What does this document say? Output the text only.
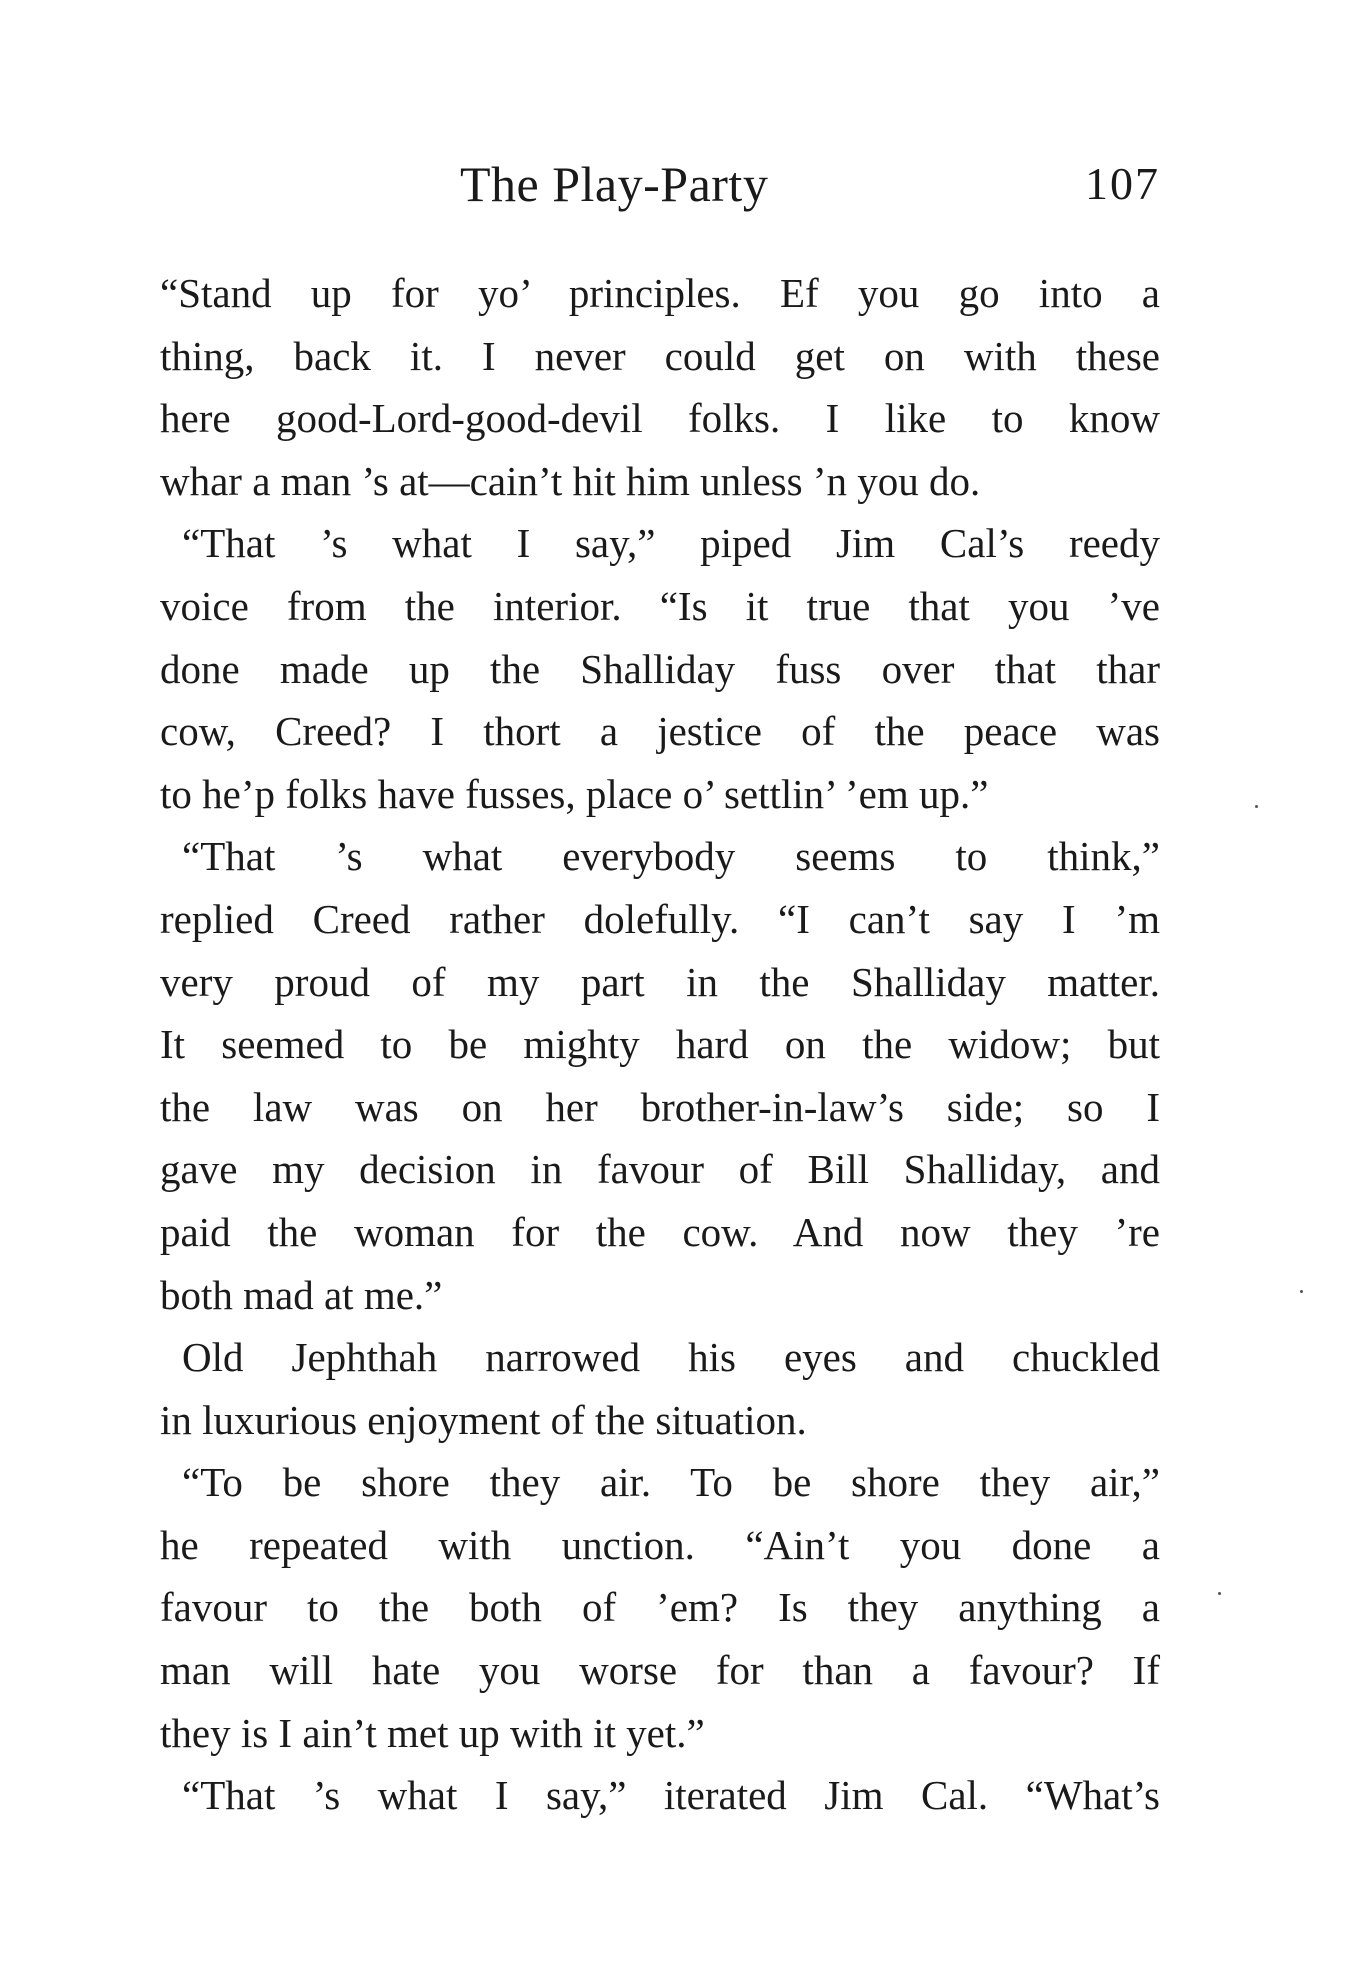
The Play-Party	107
“Stand up for yo’ principles. Ef you go into a
thing, back it. I never could get on with these
here good-Lord-good-devil folks. I like to know
whar a man ’s at—cain’t hit him unless ’n you do.
“That ’s what I say,” piped Jim Cal’s reedy
voice from the interior. “Is it true that you ’ve
done made up the Shalliday fuss over that thar
cow, Creed? I thort a jestice of the peace was
to he’p folks have fusses, place o’ settlin’ ’em up.”
“That ’s what everybody seems to think,”
replied Creed rather dolefully. “I can’t say I ’m
very proud of my part in the Shalliday matter.
It seemed to be mighty hard on the widow; but
the law was on her brother-in-law’s side; so I
gave my decision in favour of Bill Shalliday, and
paid the woman for the cow. And now they ’re
both mad at me.”
Old Jephthah narrowed his eyes and chuckled
in luxurious enjoyment of the situation.
“To be shore they air. To be shore they air,”
he repeated with unction. “Ain’t you done a
favour to the both of ’em? Is they anything a
man will hate you worse for than a favour? If
they is I ain’t met up with it yet.”
“That ’s what I say,” iterated Jim Cal. “What’s
